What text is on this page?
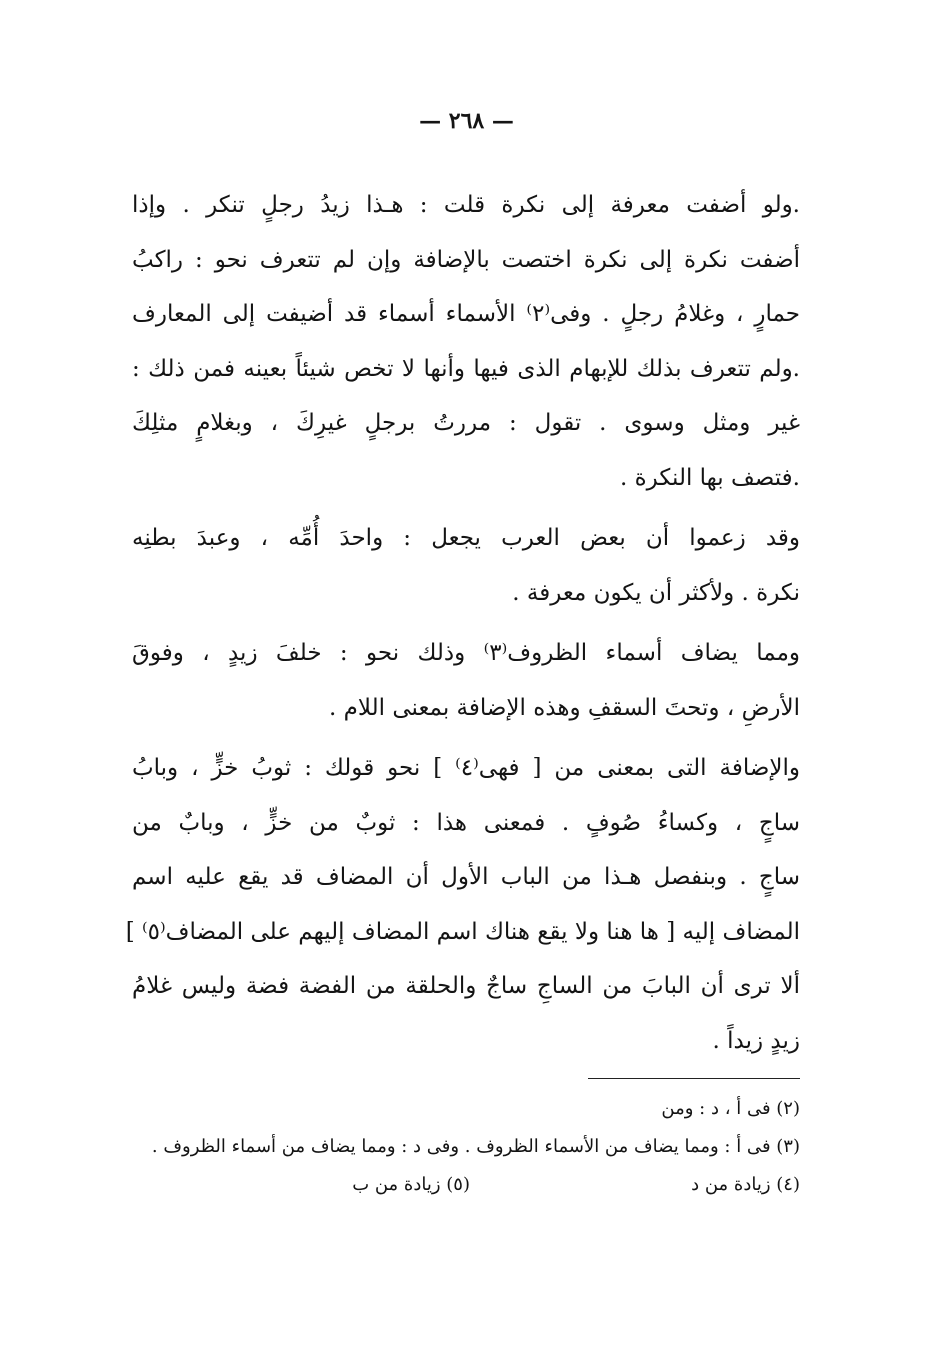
— ٢٦٨ —
.ولو أضفت معرفة إلى نكرة قلت : هـذا زيدُ رجلٍ تنكر . وإذا
أضفت نكرة إلى نكرة اختصت بالإضافة وإن لم تتعرف نحو : راكبُ
حمارٍ ، وغلامُ رجلٍ . وفى⁽٢⁾ الأسماء أسماء قد أضيفت إلى المعارف
.ولم تتعرف بذلك للإبهام الذى فيها وأنها لا تخص شيئاً بعينه فمن ذلك :
غير ومثل وسوى . تقول : مررتُ برجلٍ غيرِكَ ، وبغلامٍ مثلِكَ
.فتصف بها النكرة .
وقد زعموا أن بعض العرب يجعل : واحدَ أُمِّه ، وعبدَ بطنِه
نكرة . ولأكثر أن يكون معرفة .
ومما يضاف أسماء الظروف⁽٣⁾ وذلك نحو : خلفَ زيدٍ ، وفوقَ
الأرضِ ، وتحتَ السقفِ وهذه الإضافة بمعنى اللام .
والإضافة التى بمعنى من [ فهى⁽٤⁾ ] نحو قولك : ثوبُ خزٍّ ، وبابُ
ساجٍ ، وكساءُ صُوفٍ . فمعنى هذا : ثوبٌ من خزٍّ ، وبابٌ من
ساجٍ . وبنفصل هـذا من الباب الأول أن المضاف قد يقع عليه اسم
المضاف إليه [ ها هنا ولا يقع هناك اسم المضاف إليهم على المضاف⁽٥⁾ ]
ألا ترى أن البابَ من الساجِ ساجٌ والحلقة من الفضة فضة وليس غلامُ
زيدٍ زيداً .
(٢) فى أ ، د : ومن
(٣) فى أ : ومما يضاف من الأسماء الظروف . وفى د : ومما يضاف من أسماء الظروف .
(٤) زيادة من د
(٥) زيادة من ب
